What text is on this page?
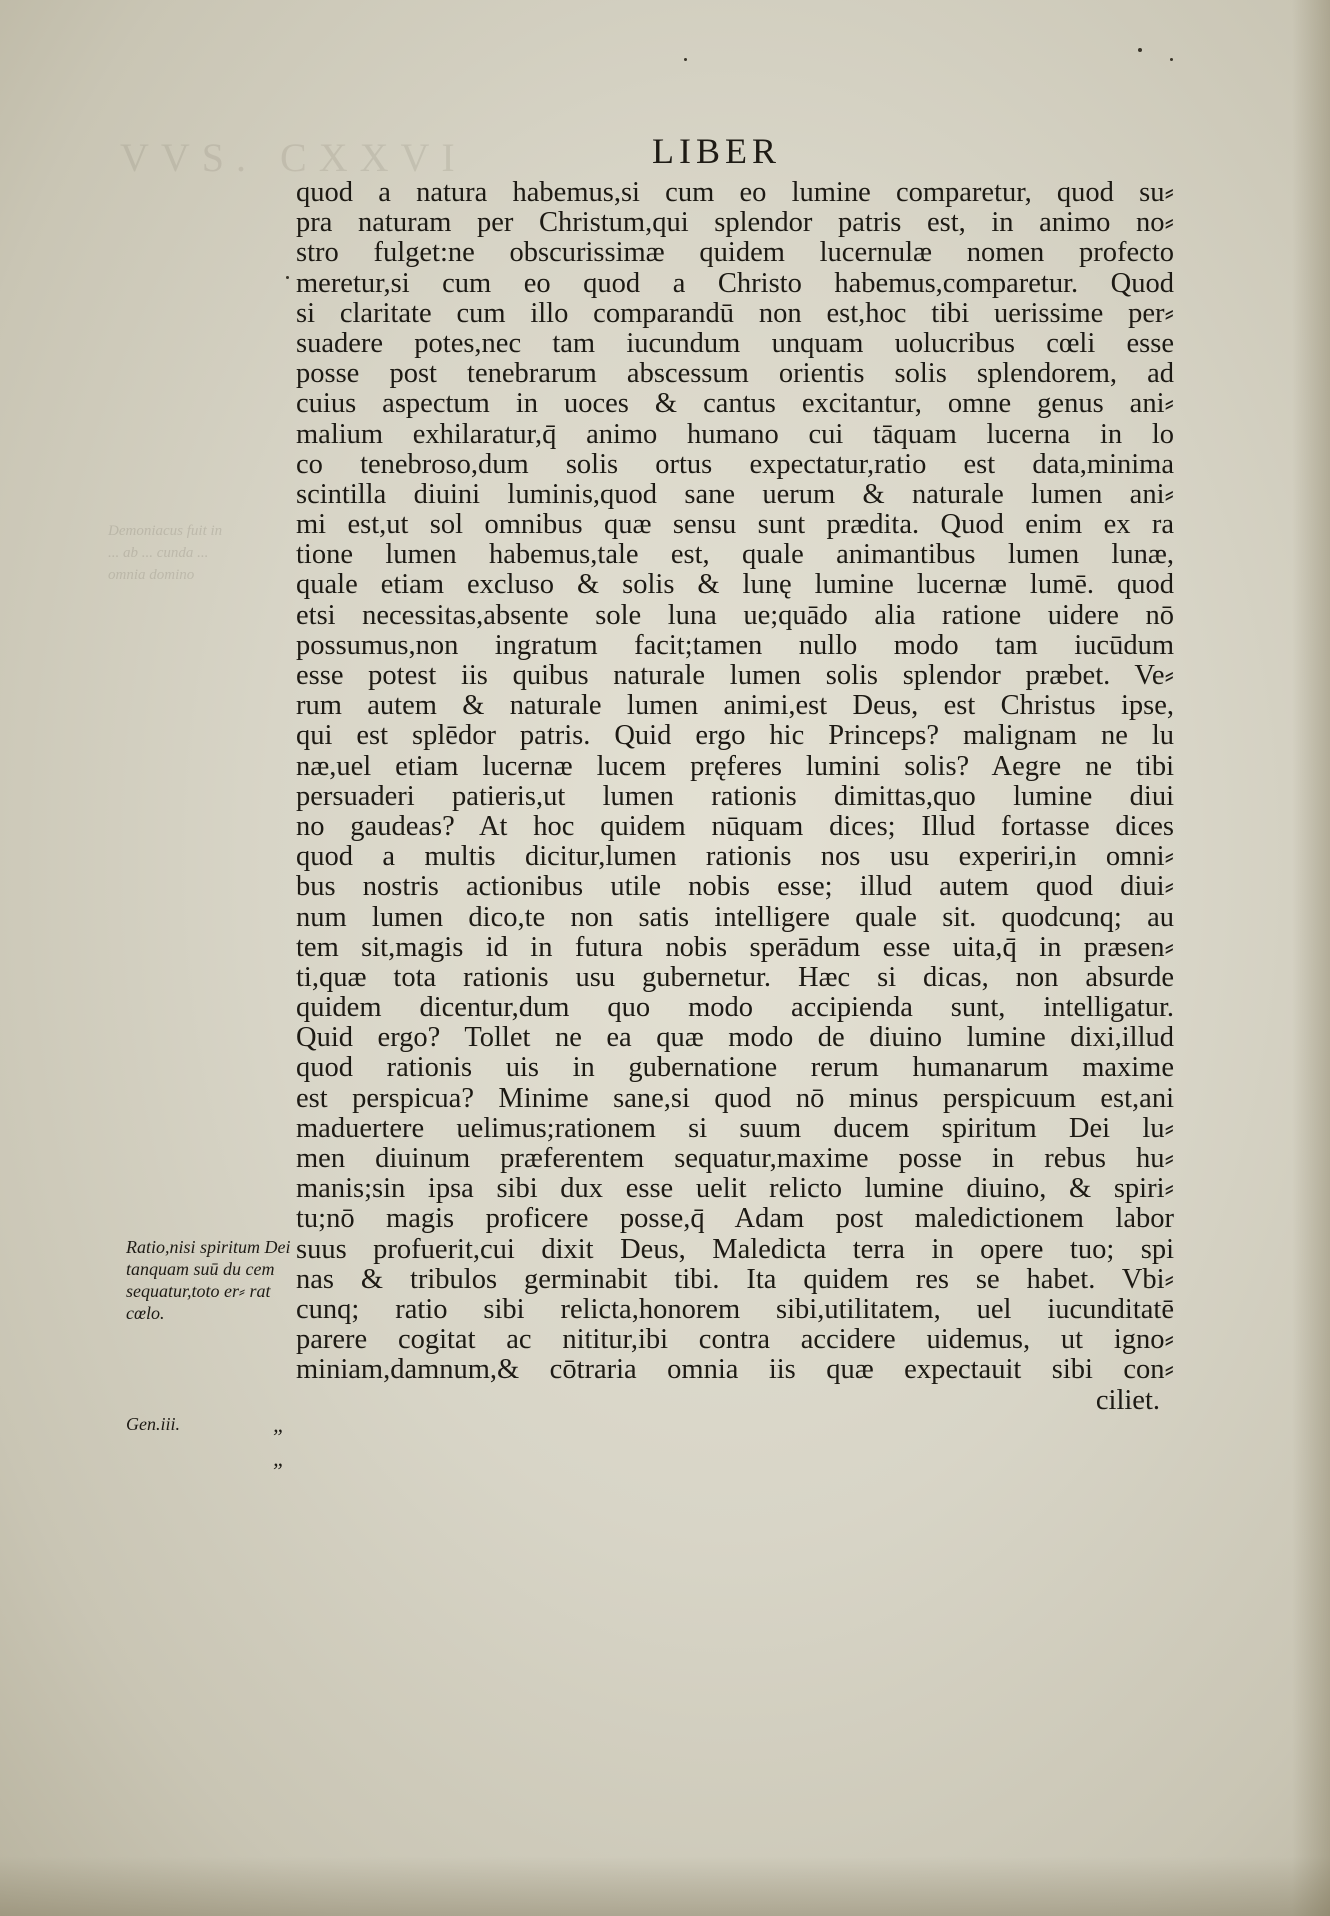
VVS. CXXVI
Demoniacus fuit in ... ab ... cunda ... omnia domino
LIBER
quod a natura habemus,si cum eo lumine comparetur, quod su⸗
pra naturam per Christum,qui splendor patris est, in animo no⸗
stro fulget:ne obscurissimæ quidem lucernulæ nomen profecto
meretur,si cum eo quod a Christo habemus,comparetur. Quod
si claritate cum illo comparandū non est,hoc tibi uerissime per⸗
suadere potes,nec tam iucundum unquam uolucribus cœli esse
posse post tenebrarum abscessum orientis solis splendorem, ad
cuius aspectum in uoces & cantus excitantur, omne genus ani⸗
malium exhilaratur,q̄ animo humano cui tāquam lucerna in lo
co tenebroso,dum solis ortus expectatur,ratio est data,minima
scintilla diuini luminis,quod sane uerum & naturale lumen ani⸗
mi est,ut sol omnibus quæ sensu sunt prædita. Quod enim ex ra
tione lumen habemus,tale est, quale animantibus lumen lunæ,
quale etiam excluso & solis & lunę lumine lucernæ lumē. quod
etsi necessitas,absente sole luna ue;quādo alia ratione uidere nō
possumus,non ingratum facit;tamen nullo modo tam iucūdum
esse potest iis quibus naturale lumen solis splendor præbet. Ve⸗
rum autem & naturale lumen animi,est Deus, est Christus ipse,
qui est splēdor patris. Quid ergo hic Princeps? malignam ne lu
næ,uel etiam lucernæ lucem pręferes lumini solis? Aegre ne tibi
persuaderi patieris,ut lumen rationis dimittas,quo lumine diui
no gaudeas? At hoc quidem nūquam dices; Illud fortasse dices
quod a multis dicitur,lumen rationis nos usu experiri,in omni⸗
bus nostris actionibus utile nobis esse; illud autem quod diui⸗
num lumen dico,te non satis intelligere quale sit. quodcunq; au
tem sit,magis id in futura nobis sperādum esse uita,q̄ in præsen⸗
ti,quæ tota rationis usu gubernetur. Hæc si dicas, non absurde
quidem dicentur,dum quo modo accipienda sunt, intelligatur.
Quid ergo? Tollet ne ea quæ modo de diuino lumine dixi,illud
quod rationis uis in gubernatione rerum humanarum maxime
est perspicua? Minime sane,si quod nō minus perspicuum est,ani
maduertere uelimus;rationem si suum ducem spiritum Dei lu⸗
men diuinum præferentem sequatur,maxime posse in rebus hu⸗
manis;sin ipsa sibi dux esse uelit relicto lumine diuino, & spiri⸗
tu;nō magis proficere posse,q̄ Adam post maledictionem labor
suus profuerit,cui dixit Deus, Maledicta terra in opere tuo; spi
nas & tribulos germinabit tibi. Ita quidem res se habet. Vbi⸗
cunq; ratio sibi relicta,honorem sibi,utilitatem, uel iucunditatē
parere cogitat ac nititur,ibi contra accidere uidemus, ut igno⸗
miniam,damnum,& cōtraria omnia iis quæ expectauit sibi con⸗
ciliet.
Ratio,nisi spiritum Dei tanquam suū du cem sequatur,toto er⸗ rat cœlo.
Gen.iii.	„
„
